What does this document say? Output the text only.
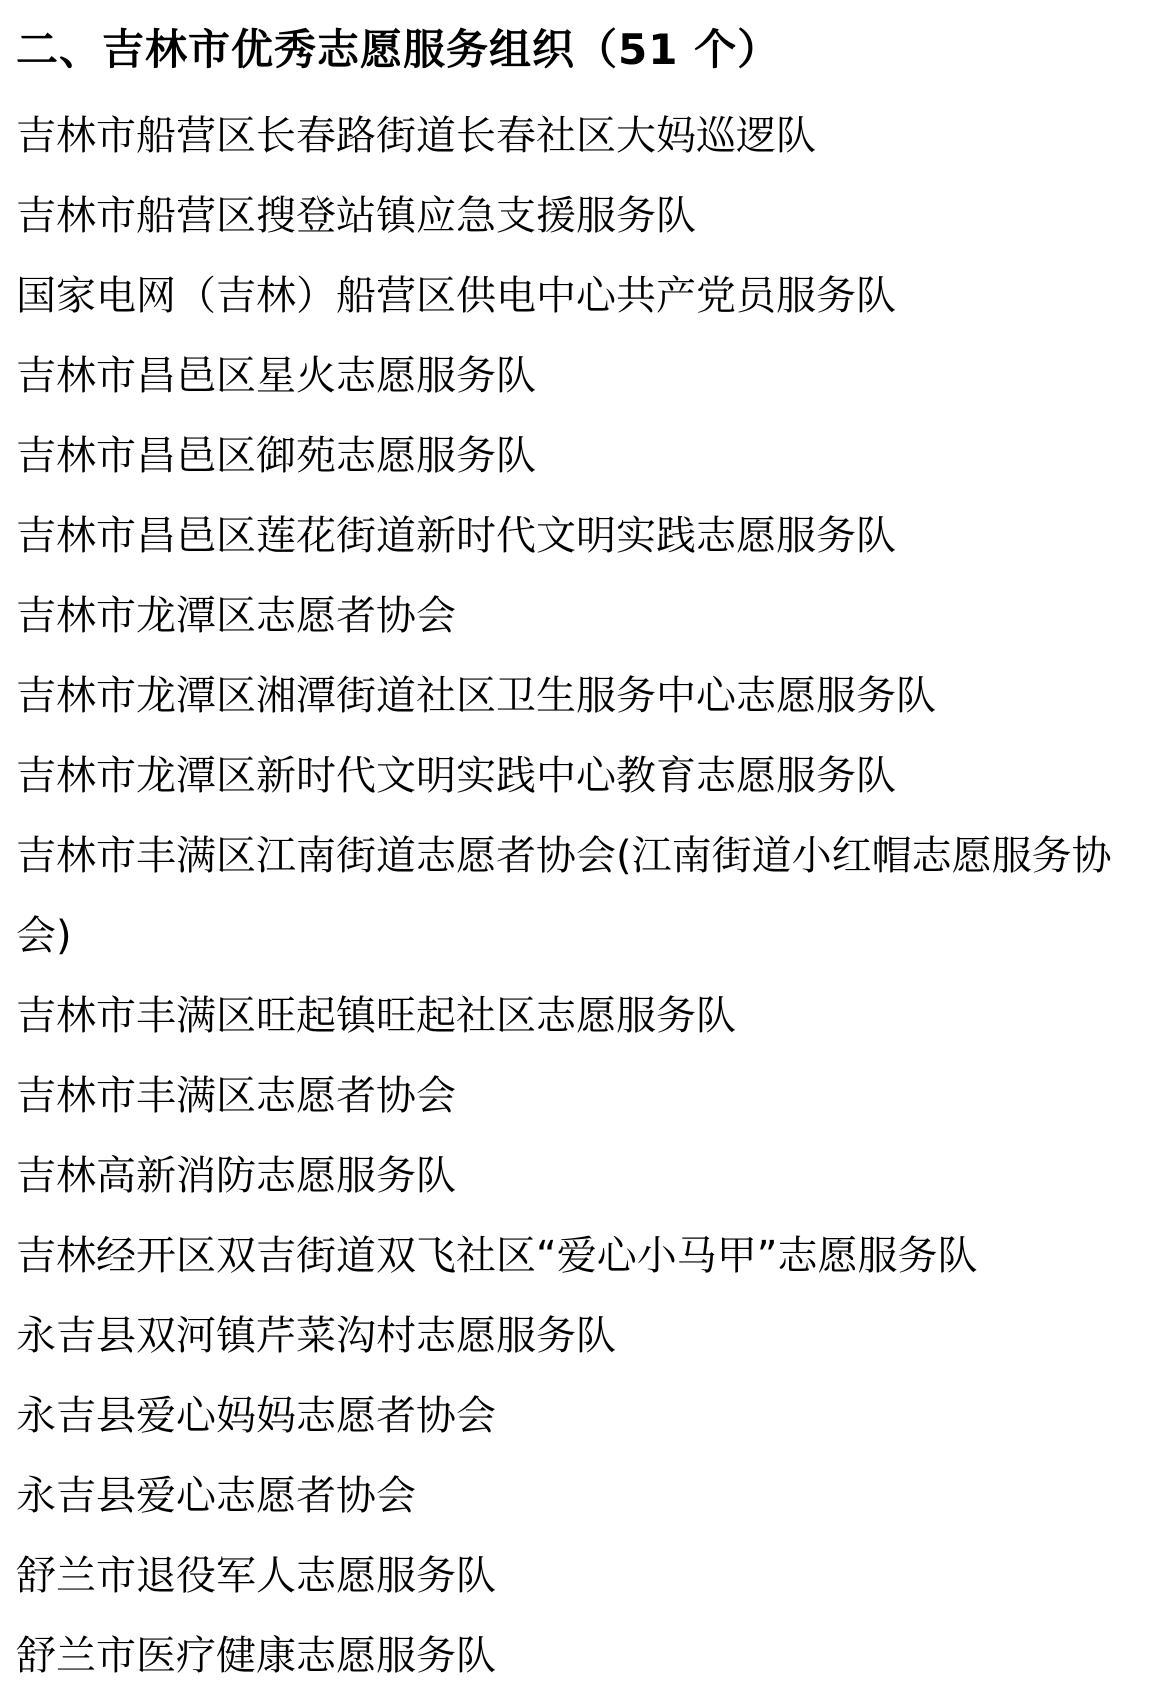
二、吉林市优秀志愿服务组织（51 个）
吉林市船营区长春路街道长春社区大妈巡逻队
吉林市船营区搜登站镇应急支援服务队
国家电网（吉林）船营区供电中心共产党员服务队
吉林市昌邑区星火志愿服务队
吉林市昌邑区御苑志愿服务队
吉林市昌邑区莲花街道新时代文明实践志愿服务队
吉林市龙潭区志愿者协会
吉林市龙潭区湘潭街道社区卫生服务中心志愿服务队
吉林市龙潭区新时代文明实践中心教育志愿服务队
吉林市丰满区江南街道志愿者协会(江南街道小红帽志愿服务协会)
吉林市丰满区旺起镇旺起社区志愿服务队
吉林市丰满区志愿者协会
吉林高新消防志愿服务队
吉林经开区双吉街道双飞社区“爱心小马甲”志愿服务队
永吉县双河镇芹菜沟村志愿服务队
永吉县爱心妈妈志愿者协会
永吉县爱心志愿者协会
舒兰市退役军人志愿服务队
舒兰市医疗健康志愿服务队
